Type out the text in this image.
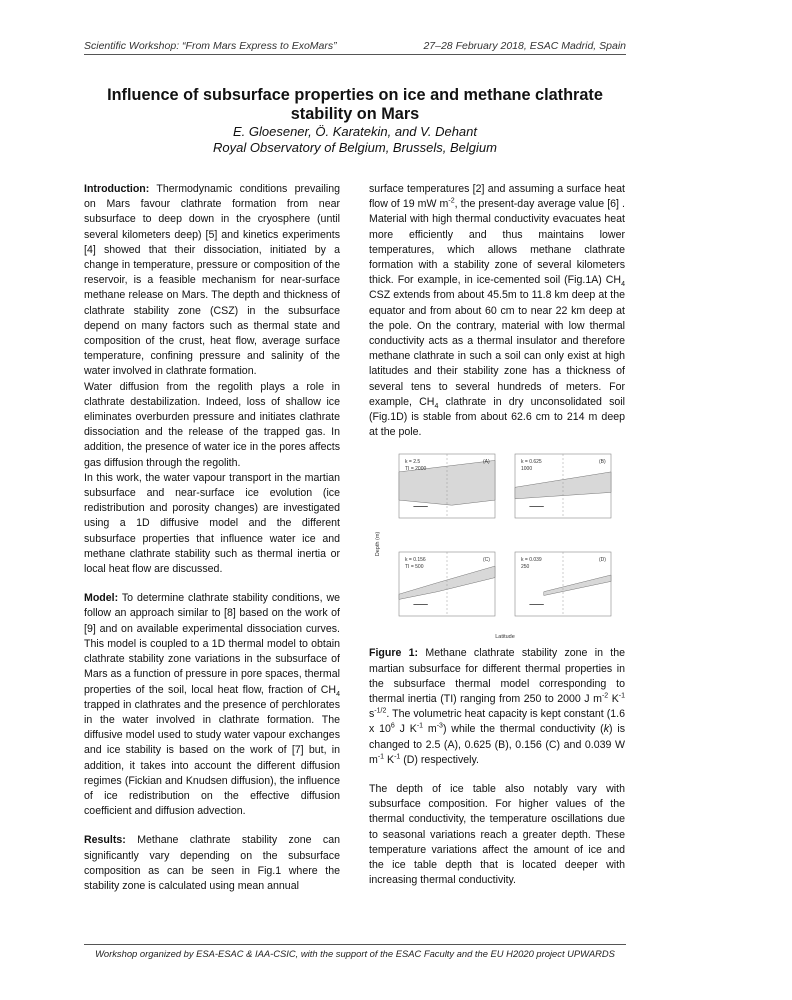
Scientific Workshop: “From Mars Express to ExoMars”	27–28 February 2018, ESAC Madrid, Spain
Influence of subsurface properties on ice and methane clathrate stability on Mars
E. Gloesener, Ö. Karatekin, and V. Dehant
Royal Observatory of Belgium, Brussels, Belgium

Introduction: Thermodynamic conditions prevailing on Mars favour clathrate formation from near subsurface to deep down in the cryosphere (until several kilometers deep) [5] and kinetics experiments [4] showed that their dissociation, initiated by a change in temperature, pressure or composition of the reservoir, is a feasible mechanism for near-surface methane release on Mars. The depth and thickness of clathrate stability zone (CSZ) in the subsurface depend on many factors such as thermal state and composition of the crust, heat flow, average surface temperature, confining pressure and salinity of the water involved in clathrate formation.

Water diffusion from the regolith plays a role in clathrate destabilization. Indeed, loss of shallow ice eliminates overburden pressure and initiates clathrate dissociation and the release of the trapped gas. In addition, the presence of water ice in the pores affects gas diffusion through the regolith.

In this work, the water vapour transport in the martian subsurface and near-surface ice evolution (ice redistribution and porosity changes) are investigated using a 1D diffusive model and the different subsurface properties that influence water ice and methane clathrate stability such as thermal inertia or local heat flow are discussed.

Model: To determine clathrate stability conditions, we follow an approach similar to [8] based on the work of [9] and on available experimental dissociation curves. This model is coupled to a 1D thermal model to obtain clathrate stability zone variations in the subsurface of Mars as a function of pressure in pore spaces, thermal properties of the soil, local heat flow, fraction of $CH_4$ trapped in clathrates and the presence of perchlorates in the water involved in clathrate formation. The diffusive model used to study water vapour exchanges and ice stability is based on the work of [7] but, in addition, it takes into account the different diffusion regimes (Fickian and Knudsen diffusion), the influence of ice redistribution on the effective diffusion coefficient and diffusion advection.

Results: Methane clathrate stability zone can significantly vary depending on the subsurface composition as can be seen in Fig.1 where the stability zone is calculated using mean annual

surface temperatures [2] and assuming a surface heat flow of 19 mW $m^{-2}$, the present-day average value [6] . Material with high thermal conductivity evacuates heat more efficiently and thus maintains lower temperatures, which allows methane clathrate formation with a stability zone of several kilometers thick. For example, in ice-cemented soil (Fig.1A) $CH_4$ CSZ extends from about 45.5m to 11.8 km deep at the equator and from about 60 cm to near 22 km deep at the pole. On the contrary, material with low thermal conductivity acts as a thermal insulator and therefore methane clathrate in such a soil can only exist at high latitudes and their stability zone has a thickness of several tens to several hundreds of meters. For example, $CH_4$ clathrate in dry unconsolidated soil (Fig.1D) is stable from about 62.6 cm to 214 m deep at the pole.

k = 2.5
TI = 2000
(A)	k = 0.625
1000
(B)
k = 0.156
TI = 500
(C)	k = 0.039
250
(D)
Depth (m)
Latitude

Figure 1: Methane clathrate stability zone in the martian subsurface for different thermal properties in the subsurface thermal model corresponding to thermal inertia (TI) ranging from 250 to 2000 J $m^{-2}$ $K^{-1}$ $s^{-1/2}$. The volumetric heat capacity is kept constant (1.6 x $10^6$ J $K^{-1}$ $m^{-3}$) while the thermal conductivity (k) is changed to 2.5 (A), 0.625 (B), 0.156 (C) and 0.039 W $m^{-1}$ $K^{-1}$ (D) respectively.

The depth of ice table also notably vary with subsurface composition. For higher values of the thermal conductivity, the temperature oscillations due to seasonal variations reach a greater depth. These temperature variations affect the amount of ice and the ice table depth that is located deeper with increasing thermal conductivity.

Workshop organized by ESA-ESAC & IAA-CSIC, with the support of the ESAC Faculty and the EU H2020 project UPWARDS
